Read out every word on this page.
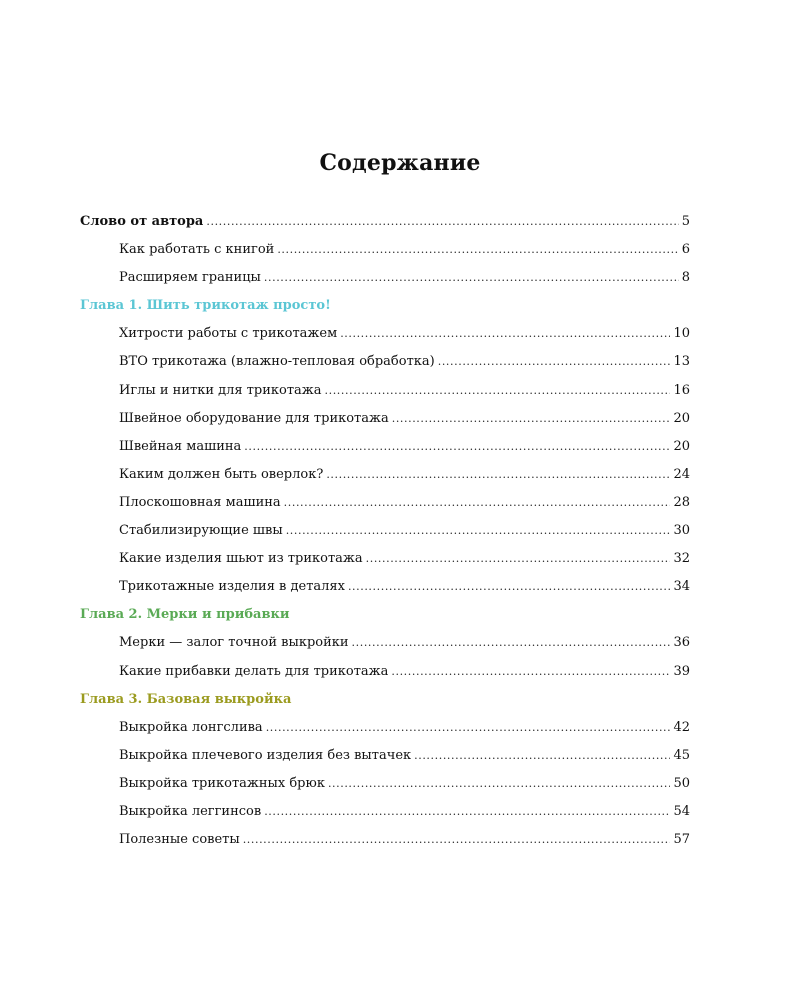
Содержание
Слово от автора .....	5
Как работать с книгой .....	6
Расширяем границы .....	8
Глава 1. Шить трикотаж просто!
Хитрости работы с трикотажем .....	10
ВТО трикотажа (влажно-тепловая обработка) .....	13
Иглы и нитки для трикотажа .....	16
Швейное оборудование для трикотажа .....	20
Швейная машина .....	20
Каким должен быть оверлок? .....	24
Плоскошовная машина .....	28
Стабилизирующие швы .....	30
Какие изделия шьют из трикотажа .....	32
Трикотажные изделия в деталях .....	34
Глава 2. Мерки и прибавки
Мерки — залог точной выкройки .....	36
Какие прибавки делать для трикотажа .....	39
Глава 3. Базовая выкройка
Выкройка лонгслива .....	42
Выкройка плечевого изделия без вытачек .....	45
Выкройка трикотажных брюк .....	50
Выкройка леггинсов .....	54
Полезные советы .....	57
